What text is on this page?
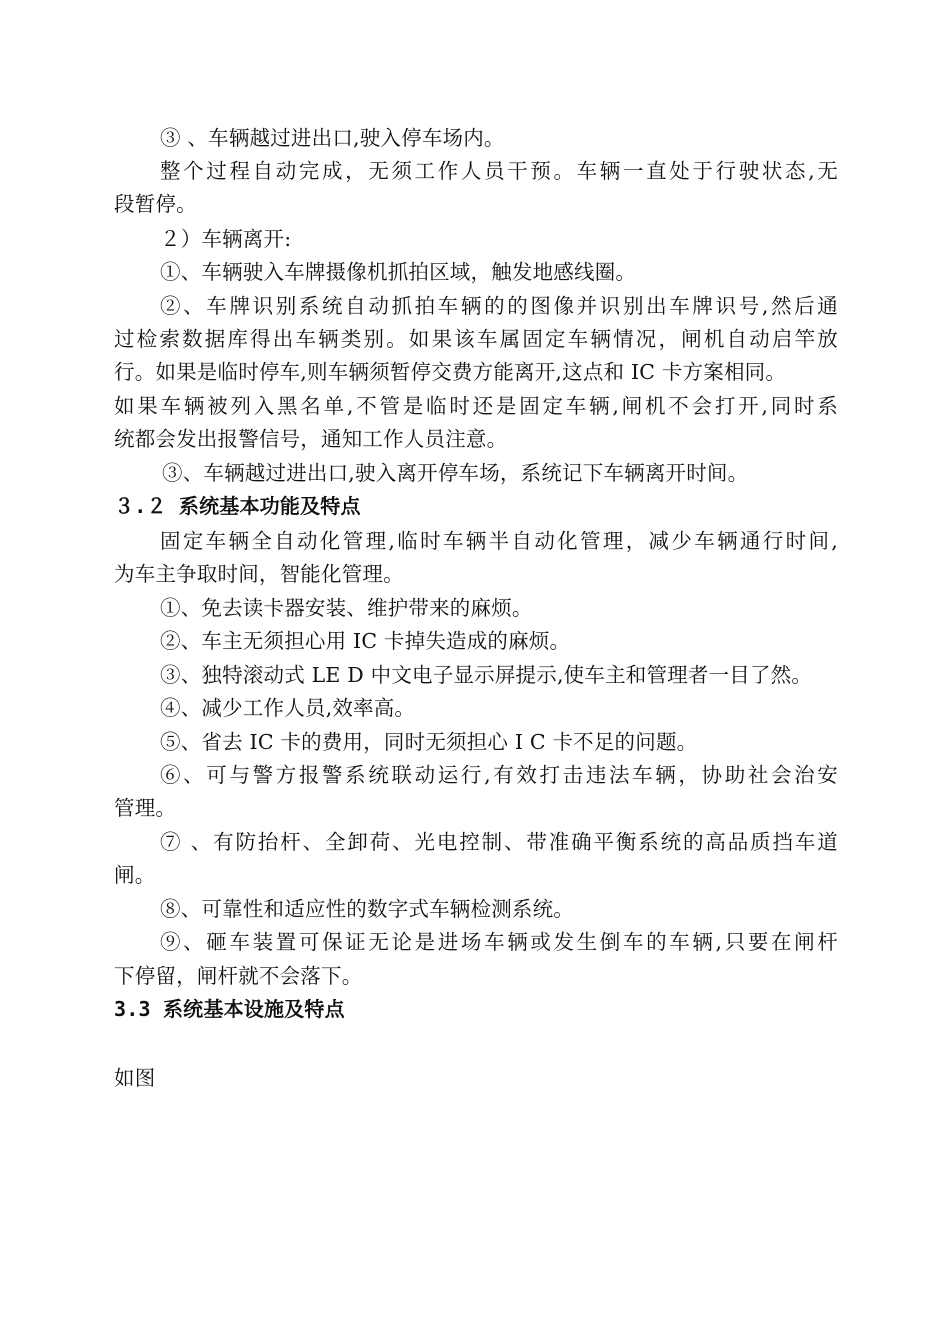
③ 、车辆越过进出口,驶入停车场内。
整个过程自动完成，无须工作人员干预。车辆一直处于行驶状态,无
段暂停。
２）车辆离开:
①、车辆驶入车牌摄像机抓拍区域，触发地感线圈。
②、车牌识别系统自动抓拍车辆的的图像并识别出车牌识号,然后通
过检索数据库得出车辆类别。如果该车属固定车辆情况，闸机自动启竿放
行。如果是临时停车,则车辆须暂停交费方能离开,这点和 IC 卡方案相同。
如果车辆被列入黑名单,不管是临时还是固定车辆,闸机不会打开,同时系
统都会发出报警信号，通知工作人员注意。
③、车辆越过进出口,驶入离开停车场，系统记下车辆离开时间。
３.２ 系统基本功能及特点
固定车辆全自动化管理,临时车辆半自动化管理，减少车辆通行时间,
为车主争取时间，智能化管理。
①、免去读卡器安装、维护带来的麻烦。
②、车主无须担心用 IC 卡掉失造成的麻烦。
③、独特滚动式 LE D 中文电子显示屏提示,使车主和管理者一目了然。
④、减少工作人员,效率高。
⑤、省去 IC 卡的费用，同时无须担心 I C 卡不足的问题。
⑥、可与警方报警系统联动运行,有效打击违法车辆，协助社会治安
管理。
⑦ 、有防抬杆、全卸荷、光电控制、带准确平衡系统的高品质挡车道
闸。
⑧、可靠性和适应性的数字式车辆检测系统。
⑨、砸车装置可保证无论是进场车辆或发生倒车的车辆,只要在闸杆
下停留，闸杆就不会落下。
3.3 系统基本设施及特点
如图
